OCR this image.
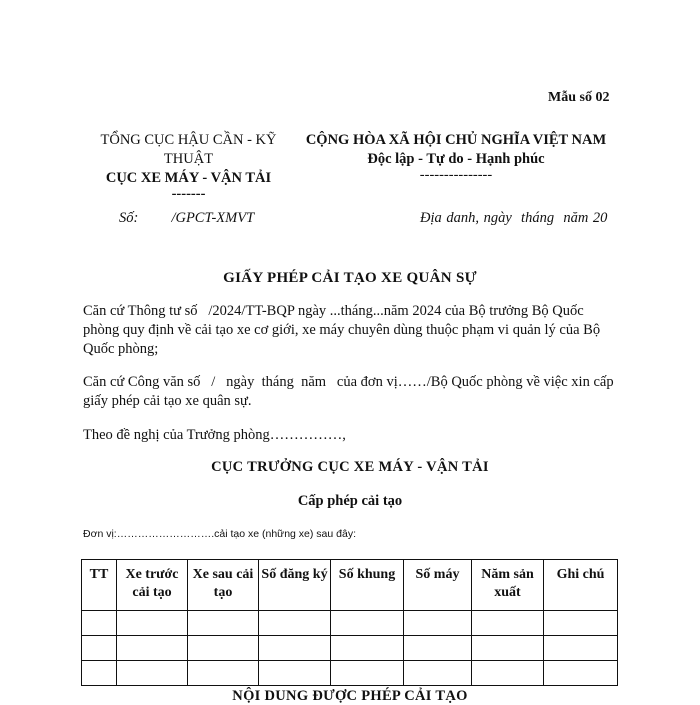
Mẫu số 02
TỔNG CỤC HẬU CẦN - KỸ
THUẬT
CỤC XE MÁY - VẬN TẢI
-------
CỘNG HÒA XÃ HỘI CHỦ NGHĨA VIỆT NAM
Độc lập - Tự do - Hạnh phúc
---------------
Số:     /GPCT-XMVT	Địa danh, ngày  tháng  năm 20
GIẤY PHÉP CẢI TẠO XE QUÂN SỰ
Căn cứ Thông tư số   /2024/TT-BQP ngày ...tháng...năm 2024 của Bộ trưởng Bộ Quốc phòng quy định về cải tạo xe cơ giới, xe máy chuyên dùng thuộc phạm vi quản lý của Bộ Quốc phòng;
Căn cứ Công văn số   /   ngày  tháng  năm   của đơn vị……/Bộ Quốc phòng về việc xin cấp giấy phép cải tạo xe quân sự.
Theo đề nghị của Trưởng phòng……………,
CỤC TRƯỞNG CỤC XE MÁY - VẬN TẢI
Cấp phép cải tạo
Đơn vị:……………………….cải tạo xe (những xe) sau đây:
TT	Xe trước cải tạo	Xe sau cải tạo	Số đăng ký	Số khung	Số máy	Năm sản xuất	Ghi chú

NỘI DUNG ĐƯỢC PHÉP CẢI TẠO
